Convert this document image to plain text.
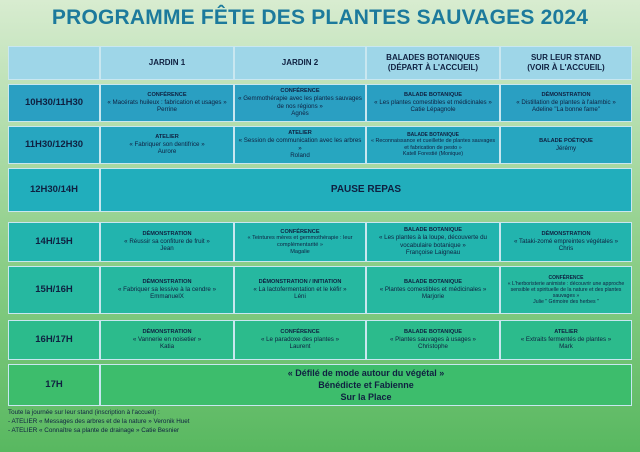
PROGRAMME FÊTE DES PLANTES SAUVAGES 2024
JARDIN 1	JARDIN 2
BALADES BOTANIQUES
(DÉPART À L'ACCUEIL)
SUR LEUR STAND
(VOIR À L'ACCUEIL)
10H30/11H30
CONFÉRENCE
« Macérats huileux : fabrication et usages »
Perrine
CONFÉRENCE
« Gemmothérapie avec les plantes sauvages de nos régions »
Agnès
BALADE BOTANIQUE
« Les plantes comestibles et médicinales »
Catie Lépagnole
DÉMONSTRATION
« Distillation de plantes à l'alambic »
Adeline "La bonne fame"
11H30/12H30
ATELIER
« Fabriquer son dentifrice »
Aurore
ATELIER
« Session de communication avec les arbres »
Roland
BALADE BOTANIQUE
« Reconnaissance et cueillette de plantes sauvages et fabrication de pesto »
Katell Forestié (Monique)
BALADE POÉTIQUE
Jérémy
12H30/14H	PAUSE REPAS
14H/15H
DÉMONSTRATION
« Réussir sa confiture de fruit »
Jean
CONFÉRENCE
« Teintures mères et gemmothérapie : leur complémentarité »
Magalie
BALADE BOTANIQUE
« Les plantes à la loupe, découverte du vocabulaire botanique »
Françoise Laigneau
DÉMONSTRATION
« Tataki-zomé empreintes végétales »
Chris
15H/16H
DÉMONSTRATION
« Fabriquer sa lessive à la cendre »
EmmanuelX
DÉMONSTRATION / INITIATION
« La lactofermentation et le kéfir »
Léni
BALADE BOTANIQUE
« Plantes comestibles et médicinales »
Marjorie
CONFÉRENCE
« L'herboristerie animiste : découvrir une approche sensible et spirituelle de la nature et des plantes sauvages »
Julie " Grimoire des herbes "
16H/17H
DÉMONSTRATION
« Vannerie en noisetier »
Katia
CONFÉRENCE
« Le paradoxe des plantes »
Laurent
BALADE BOTANIQUE
« Plantes sauvages à usages »
Christophe
ATELIER
« Extraits fermentés de plantes »
Mark
17H
« Défilé de mode autour du végétal »
Bénédicte et Fabienne
Sur la Place
Toute la journée sur leur stand (inscription à l'accueil) :
- ATELIER « Messages des arbres et de la nature » Veronik Huet
- ATELIER « Connaître sa plante de drainage » Catie Besnier
